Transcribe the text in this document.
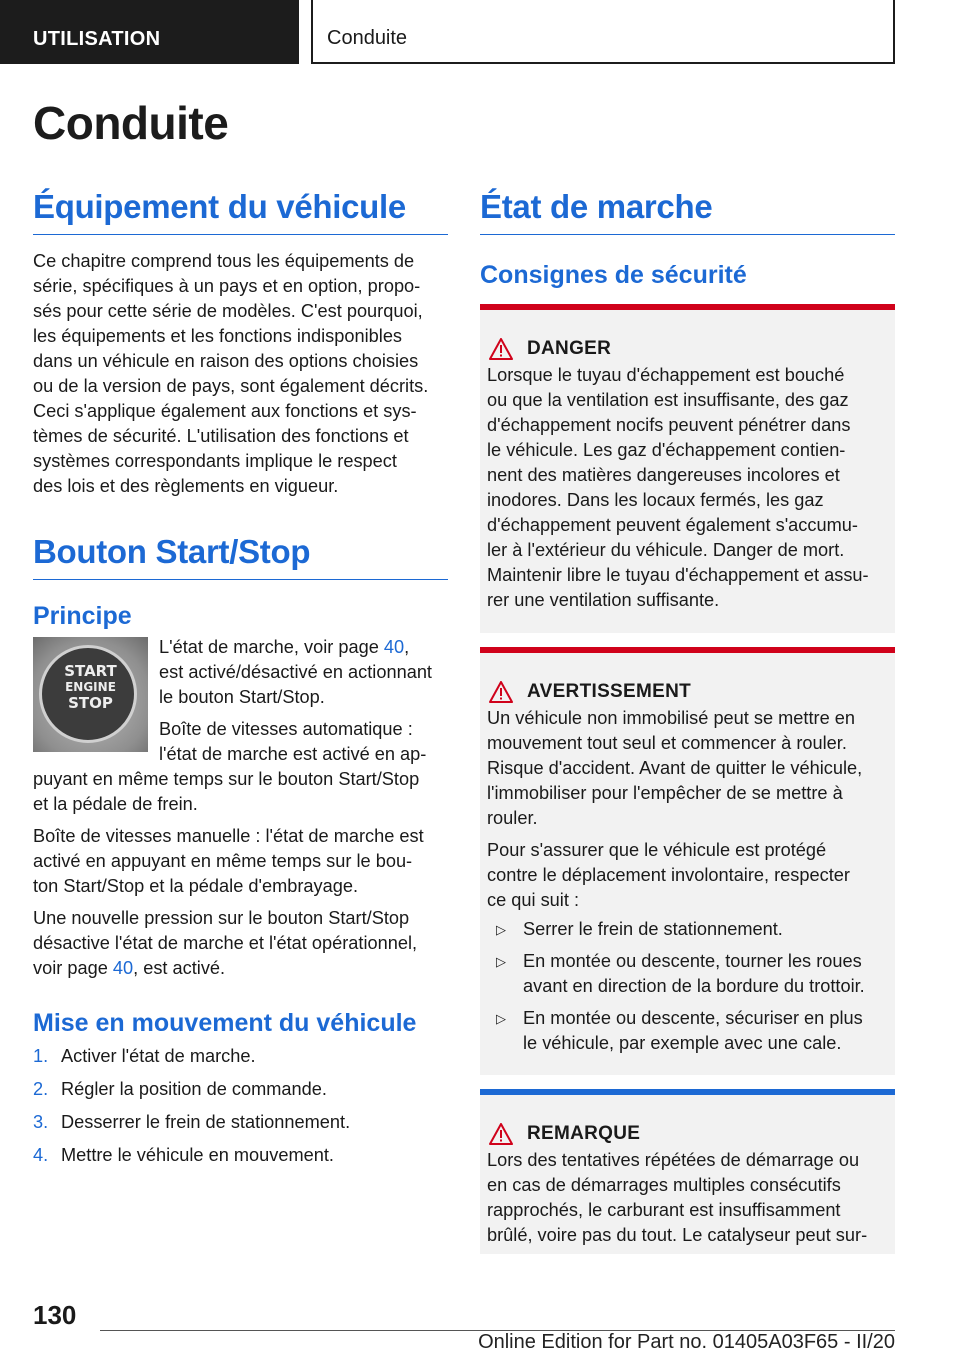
UTILISATION	Conduite
Conduite
Équipement du véhicule

Ce chapitre comprend tous les équipements de
série, spécifiques à un pays et en option, propo-
sés pour cette série de modèles. C'est pourquoi,
les équipements et les fonctions indisponibles
dans un véhicule en raison des options choisies
ou de la version de pays, sont également décrits.
Ceci s'applique également aux fonctions et sys-
tèmes de sécurité. L'utilisation des fonctions et
systèmes correspondants implique le respect
des lois et des règlements en vigueur.

Bouton Start/Stop
Principe
START
ENGINE
STOP

L'état de marche, voir page 40,
est activé/désactivé en actionnant
le bouton Start/Stop.

Boîte de vitesses automatique :
l'état de marche est activé en ap-
puyant en même temps sur le bouton Start/Stop
et la pédale de frein.

Boîte de vitesses manuelle : l'état de marche est
activé en appuyant en même temps sur le bou-
ton Start/Stop et la pédale d'embrayage.

Une nouvelle pression sur le bouton Start/Stop
désactive l'état de marche et l'état opérationnel,
voir page 40, est activé.

Mise en mouvement du véhicule
1. Activer l'état de marche.
2. Régler la position de commande.
3. Desserrer le frein de stationnement.
4. Mettre le véhicule en mouvement.
État de marche
Consignes de sécurité
DANGER

Lorsque le tuyau d'échappement est bouché
ou que la ventilation est insuffisante, des gaz
d'échappement nocifs peuvent pénétrer dans
le véhicule. Les gaz d'échappement contien-
nent des matières dangereuses incolores et
inodores. Dans les locaux fermés, les gaz
d'échappement peuvent également s'accumu-
ler à l'extérieur du véhicule. Danger de mort.
Maintenir libre le tuyau d'échappement et assu-
rer une ventilation suffisante.

AVERTISSEMENT

Un véhicule non immobilisé peut se mettre en
mouvement tout seul et commencer à rouler.
Risque d'accident. Avant de quitter le véhicule,
l'immobiliser pour l'empêcher de se mettre à
rouler.

Pour s'assurer que le véhicule est protégé
contre le déplacement involontaire, respecter
ce qui suit :

▷ Serrer le frein de stationnement.
▷ En montée ou descente, tourner les roues
avant en direction de la bordure du trottoir.
▷ En montée ou descente, sécuriser en plus
le véhicule, par exemple avec une cale.
REMARQUE

Lors des tentatives répétées de démarrage ou
en cas de démarrages multiples consécutifs
rapprochés, le carburant est insuffisamment
brûlé, voire pas du tout. Le catalyseur peut sur-

130
Online Edition for Part no. 01405A03F65 - II/20
